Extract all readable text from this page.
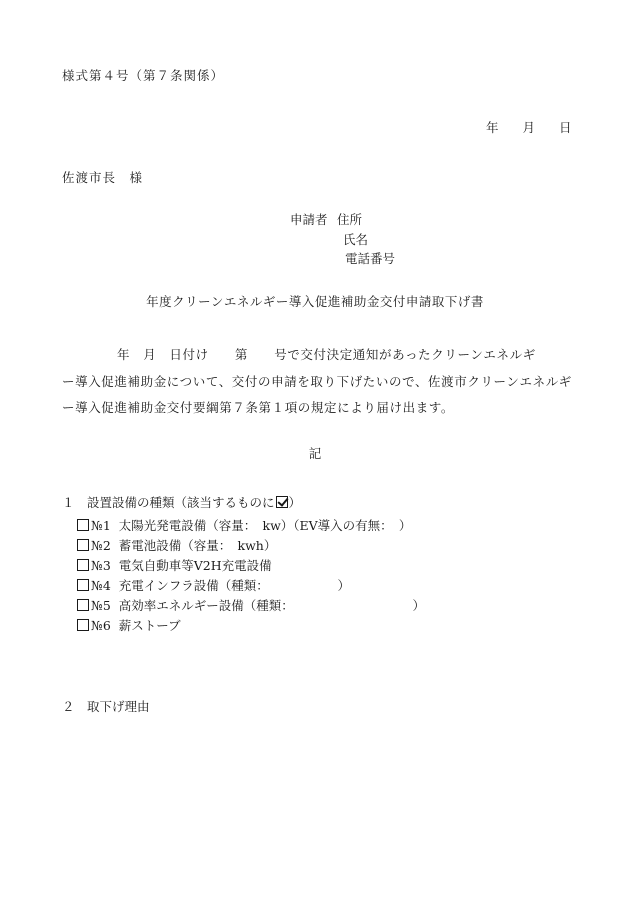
様式第４号（第７条関係）
年 月 日
佐渡市長　様
申請者 住所
氏名
電話番号
年度クリーンエネルギー導入促進補助金交付申請取下げ書
年　月　日付け　　第　　号で交付決定通知があったクリーンエネルギ
ー導入促進補助金について、交付の申請を取り下げたいので、佐渡市クリーンエネルギ
ー導入促進補助金交付要綱第７条第１項の規定により届け出ます。
記
１　設置設備の種類（該当するものに ）
№1 太陽光発電設備（容量：　kw）（EV導入の有無：　）
№2 蓄電池設備（容量：　kwh）
№3 電気自動車等V2H充電設備
№4 充電インフラ設備（種類：　　　　　　）
№5 高効率エネルギー設備（種類：　　　　　　　　　　）
№6 薪ストーブ
２　取下げ理由
